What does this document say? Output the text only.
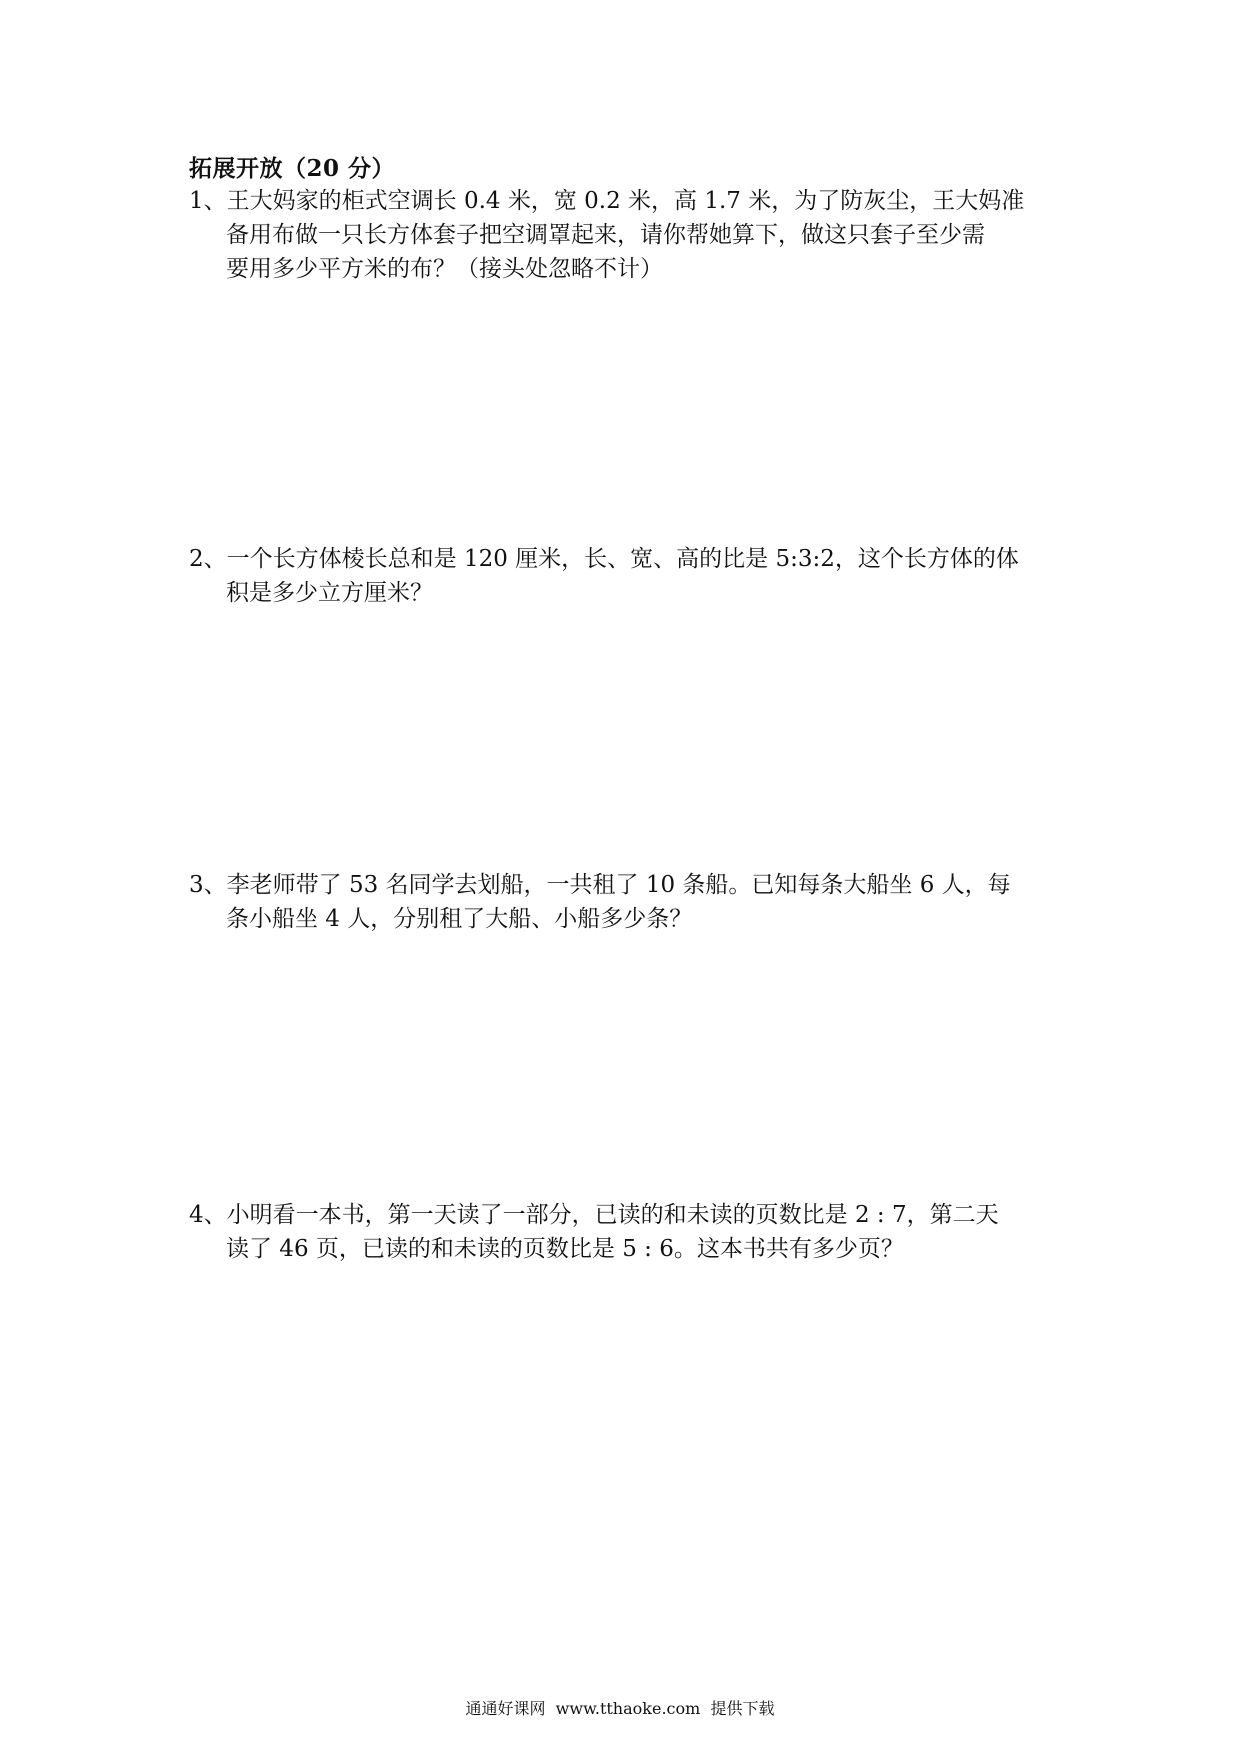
拓展开放（20 分）
1、王大妈家的柜式空调长 0.4 米，宽 0.2 米，高 1.7 米，为了防灰尘，王大妈准
备用布做一只长方体套子把空调罩起来，请你帮她算下，做这只套子至少需
要用多少平方米的布？（接头处忽略不计）
2、一个长方体棱长总和是 120 厘米，长、宽、高的比是 5:3:2，这个长方体的体
积是多少立方厘米？
3、李老师带了 53 名同学去划船，一共租了 10 条船。已知每条大船坐 6 人，每
条小船坐 4 人，分别租了大船、小船多少条？
4、小明看一本书，第一天读了一部分，已读的和未读的页数比是 2 : 7，第二天
读了 46 页，已读的和未读的页数比是 5 : 6。这本书共有多少页？
通通好课网  www.tthaoke.com  提供下载
